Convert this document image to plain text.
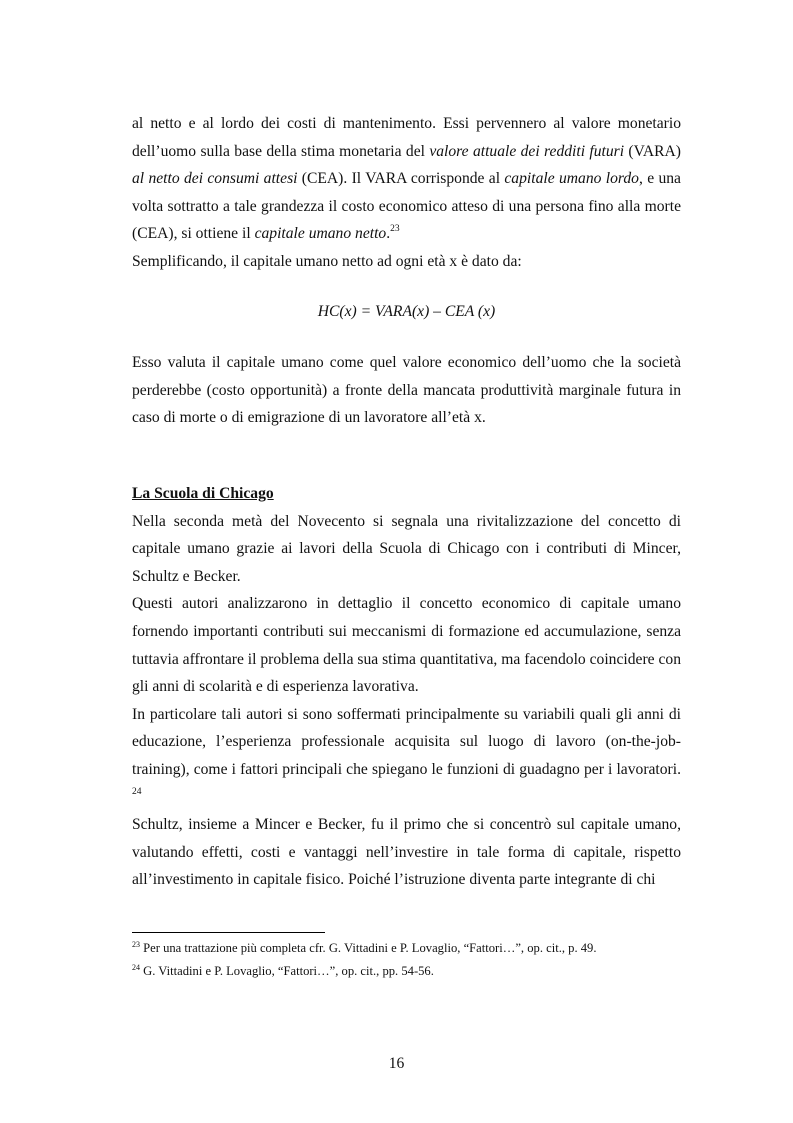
al netto e al lordo dei costi di mantenimento. Essi pervennero al valore monetario dell’uomo sulla base della stima monetaria del valore attuale dei redditi futuri (VARA) al netto dei consumi attesi (CEA). Il VARA corrisponde al capitale umano lordo, e una volta sottratto a tale grandezza il costo economico atteso di una persona fino alla morte (CEA), si ottiene il capitale umano netto.$^{23}$

Semplificando, il capitale umano netto ad ogni età x è dato da:

HC(x) = VARA(x) – CEA (x)

Esso valuta il capitale umano come quel valore economico dell’uomo che la società perderebbe (costo opportunità) a fronte della mancata produttività marginale futura in caso di morte o di emigrazione di un lavoratore all’età x.

La Scuola di Chicago

Nella seconda metà del Novecento si segnala una rivitalizzazione del concetto di capitale umano grazie ai lavori della Scuola di Chicago con i contributi di Mincer, Schultz e Becker.

Questi autori analizzarono in dettaglio il concetto economico di capitale umano fornendo importanti contributi sui meccanismi di formazione ed accumulazione, senza tuttavia affrontare il problema della sua stima quantitativa, ma facendolo coincidere con gli anni di scolarità e di esperienza lavorativa.

In particolare tali autori si sono soffermati principalmente su variabili quali gli anni di educazione, l’esperienza professionale acquisita sul luogo di lavoro (on-the-job-training), come i fattori principali che spiegano le funzioni di guadagno per i lavoratori. $^{24}$

Schultz, insieme a Mincer e Becker, fu il primo che si concentrò sul capitale umano, valutando effetti, costi e vantaggi nell’investire in tale forma di capitale, rispetto all’investimento in capitale fisico. Poiché l’istruzione diventa parte integrante di chi

$^{23}$ Per una trattazione più completa cfr. G. Vittadini e P. Lovaglio, “Fattori…”, op. cit., p. 49.
$^{24}$ G. Vittadini e P. Lovaglio, “Fattori…”, op. cit., pp. 54-56.
16
